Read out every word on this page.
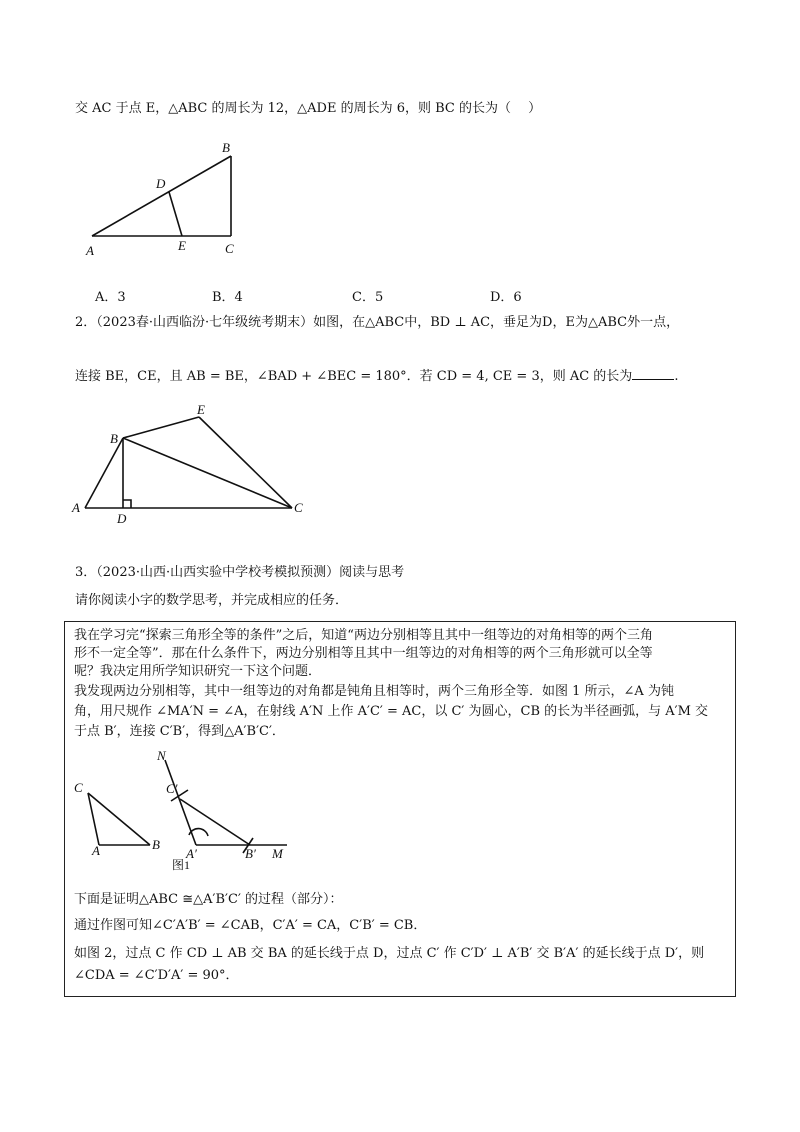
交 AC 于点 E，△ABC 的周长为 12，△ADE 的周长为 6，则 BC 的长为（　 ）
A
B
C
D
E
A
B
C
D
E
C
A	B
N
C′
A′	B′ M
图1
A．3	B．4	C．5	D．6
2．（2023春·山西临汾·七年级统考期末）如图，在△ABC中，BD ⊥ AC，垂足为D，E为△ABC外一点，
连接 BE，CE，且 AB = BE，∠BAD + ∠BEC = 180°．若 CD = 4, CE = 3，则 AC 的长为	.
3．（2023·山西·山西实验中学校考模拟预测）阅读与思考
请你阅读小字的数学思考，并完成相应的任务．
我在学习完“探索三角形全等的条件”之后，知道“两边分别相等且其中一组等边的对角相等的两个三角
形不一定全等”．那在什么条件下，两边分别相等且其中一组等边的对角相等的两个三角形就可以全等
呢？我决定用所学知识研究一下这个问题．
我发现两边分别相等，其中一组等边的对角都是钝角且相等时，两个三角形全等．如图 1 所示，∠A 为钝
角，用尺规作 ∠MA′N = ∠A，在射线 A′N 上作 A′C′ = AC，以 C′ 为圆心，CB 的长为半径画弧，与 A′M 交
于点 B′，连接 C′B′，得到△A′B′C′．
下面是证明△ABC ≅△A′B′C′ 的过程（部分）：
通过作图可知∠C′A′B′ = ∠CAB，C′A′ = CA，C′B′ = CB．
如图 2，过点 C 作 CD ⊥ AB 交 BA 的延长线于点 D，过点 C′ 作 C′D′ ⊥ A′B′ 交 B′A′ 的延长线于点 D′，则
∠CDA = ∠C′D′A′ = 90°．
